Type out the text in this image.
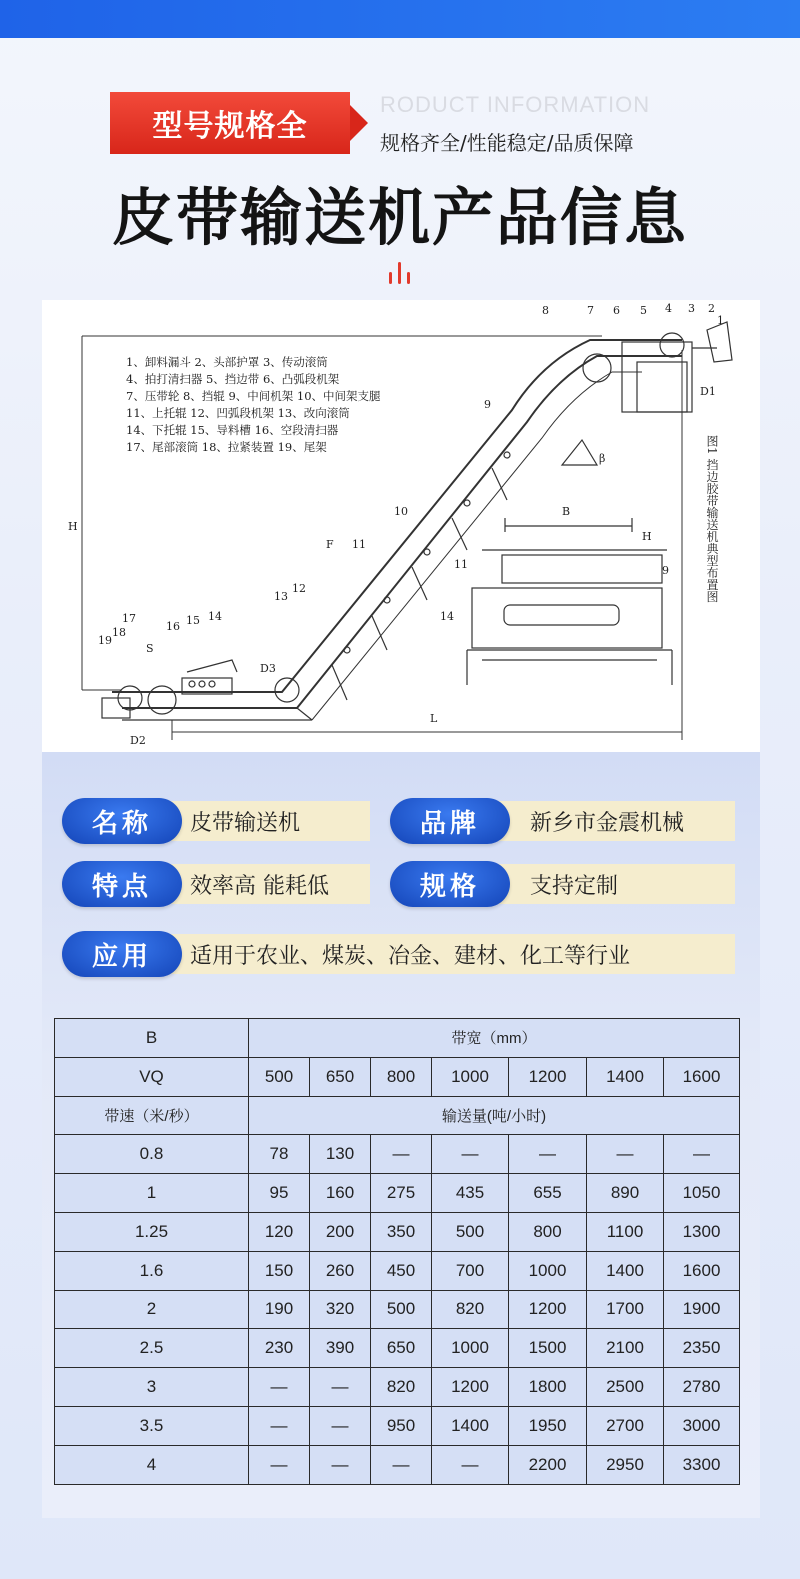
型号规格全
RODUCT INFORMATION
规格齐全/性能稳定/品质保障
皮带输送机产品信息
1、卸料漏斗 2、头部护罩 3、传动滚筒
4、拍打清扫器 5、挡边带 6、凸弧段机架
7、压带轮 8、挡辊 9、中间机架 10、中间架支腿
11、上托辊 12、凹弧段机架 13、改向滚筒
14、下托辊 15、导料槽 16、空段清扫器
17、尾部滚筒 18、拉紧装置 19、尾架
H
L
B
H
F
S
β
D1
D2
D3
1
2
3
4
5
6
7
8
9
9
10
11
11
12
13
14	14
15
16
17
18
19
图1 挡边胶带输送机典型布置图
名称	皮带输送机	品牌	新乡市金震机械
特点	效率高 能耗低	规格	支持定制
应用	适用于农业、煤炭、冶金、建材、化工等行业
B	带宽（mm）						
VQ	500	650	800	1000	1200	1400	1600
带速（米/秒）	输送量(吨/小时)						
0.8	78	130	—	—	—	—	—
1	95	160	275	435	655	890	1050
1.25	120	200	350	500	800	1100	1300
1.6	150	260	450	700	1000	1400	1600
2	190	320	500	820	1200	1700	1900
2.5	230	390	650	1000	1500	2100	2350
3	—	—	820	1200	1800	2500	2780
3.5	—	—	950	1400	1950	2700	3000
4	—	—	—	—	2200	2950	3300
